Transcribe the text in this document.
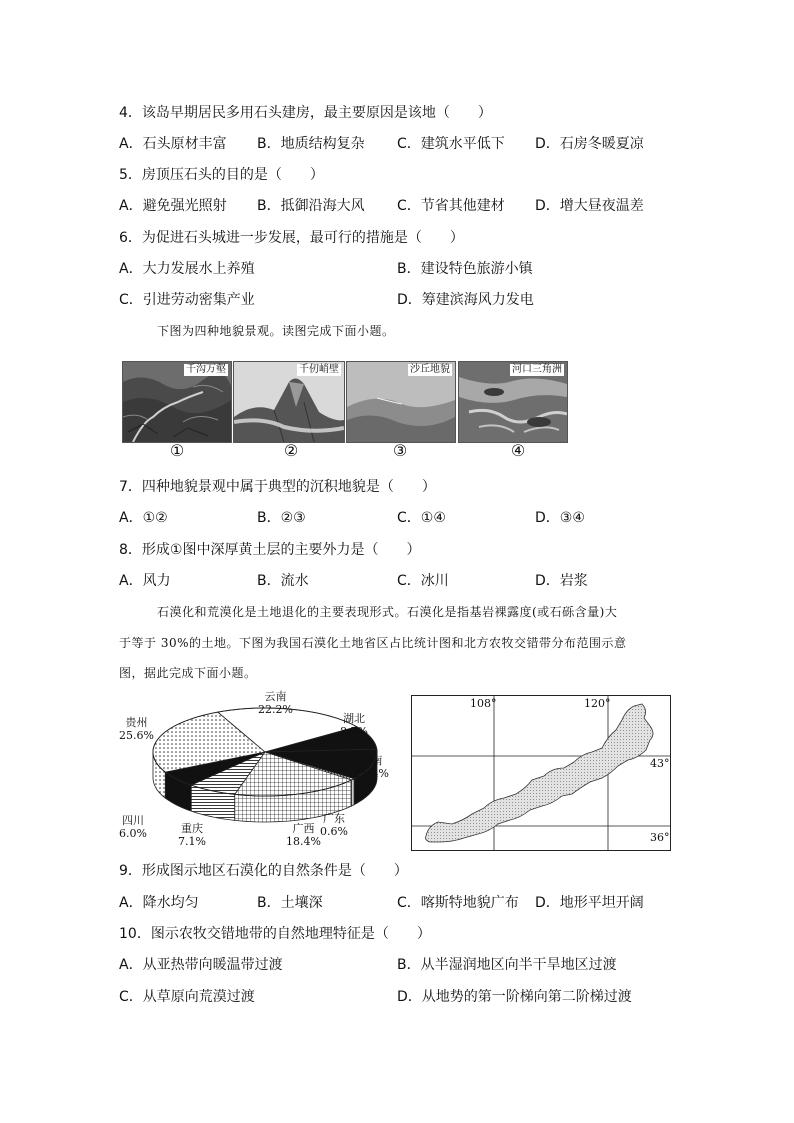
4．该岛早期居民多用石头建房，最主要原因是该地（　　）
A．石头原材丰富 B．地质结构复杂 C．建筑水平低下 D．石房冬暖夏凉
5．房顶压石头的目的是（　　）
A．避免强光照射 B．抵御沿海大风 C．节省其他建材 D．增大昼夜温差
6．为促进石头城进一步发展，最可行的措施是（　　）
A．大力发展水上养殖	B．建设特色旅游小镇
C．引进劳动密集产业	D．筹建滨海风力发电
下图为四种地貌景观。读图完成下面小题。
千沟万壑	千仞峭壁	沙丘地貌	河口三角洲
①	②	③	④
7．四种地貌景观中属于典型的沉积地貌是（　　）
A．①②	B．②③	C．①④	D．③④
8．形成①图中深厚黄土层的主要外力是（　　）
A．风力	B．流水	C．冰川	D．岩浆
石漠化和荒漠化是土地退化的主要表现形式。石漠化是指基岩裸露度(或石砾含量)大
于等于 30%的土地。下图为我国石漠化土地省区占比统计图和北方农牧交错带分布范围示意
图，据此完成下面小题。
云南
22.2%
湖北
8.7%
湖南
11.4%
广东
0.6%
广西
18.4%
重庆
7.1%
四川
6.0%
贵州
25.6%
108°	120°
43°
36°
9．形成图示地区石漠化的自然条件是（　　）
A．降水均匀	B．土壤深	C．喀斯特地貌广布 D．地形平坦开阔
10．图示农牧交错地带的自然地理特征是（　　）
A．从亚热带向暖温带过渡	B．从半湿润地区向半干旱地区过渡
C．从草原向荒漠过渡	D．从地势的第一阶梯向第二阶梯过渡
